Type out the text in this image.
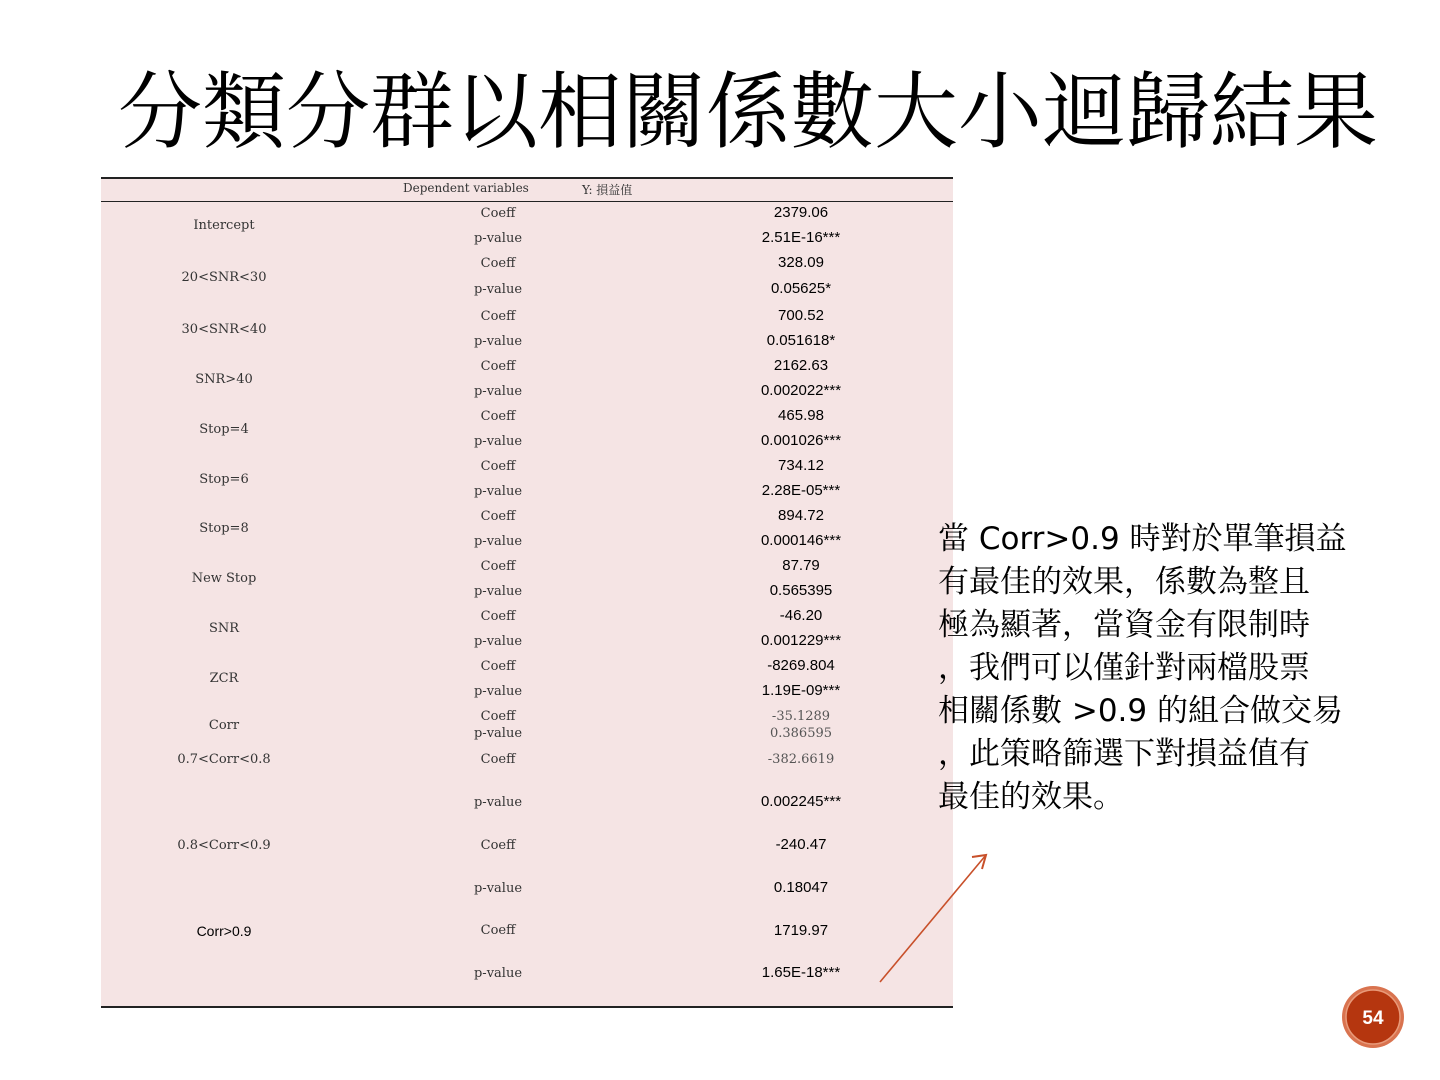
分類分群以相關係數大小迴歸結果
Dependent variables	Y: 損益值
Intercept
Coeff	2379.06
p-value	2.51E-16***
20<SNR<30
Coeff	328.09
p-value	0.05625*
30<SNR<40
Coeff	700.52
p-value	0.051618*
SNR>40
Coeff	2162.63
p-value	0.002022***
Stop=4
Coeff	465.98
p-value	0.001026***
Stop=6
Coeff	734.12
p-value	2.28E-05***
Stop=8
Coeff	894.72
p-value	0.000146***
New Stop
Coeff	87.79
p-value	0.565395
SNR
Coeff	-46.20
p-value	0.001229***
ZCR
Coeff	-8269.804
p-value	1.19E-09***
Corr
Coeff	-35.1289
p-value	0.386595
0.7<Corr<0.8	Coeff	-382.6619
p-value	0.002245***
0.8<Corr<0.9	Coeff	-240.47
p-value	0.18047
Corr>0.9	Coeff	1719.97
p-value	1.65E-18***
當 Corr>0.9 時對於單筆損益
有最佳的效果，係數為整且
極為顯著，當資金有限制時
，我們可以僅針對兩檔股票
相關係數 >0.9 的組合做交易
，此策略篩選下對損益值有
最佳的效果。
54
